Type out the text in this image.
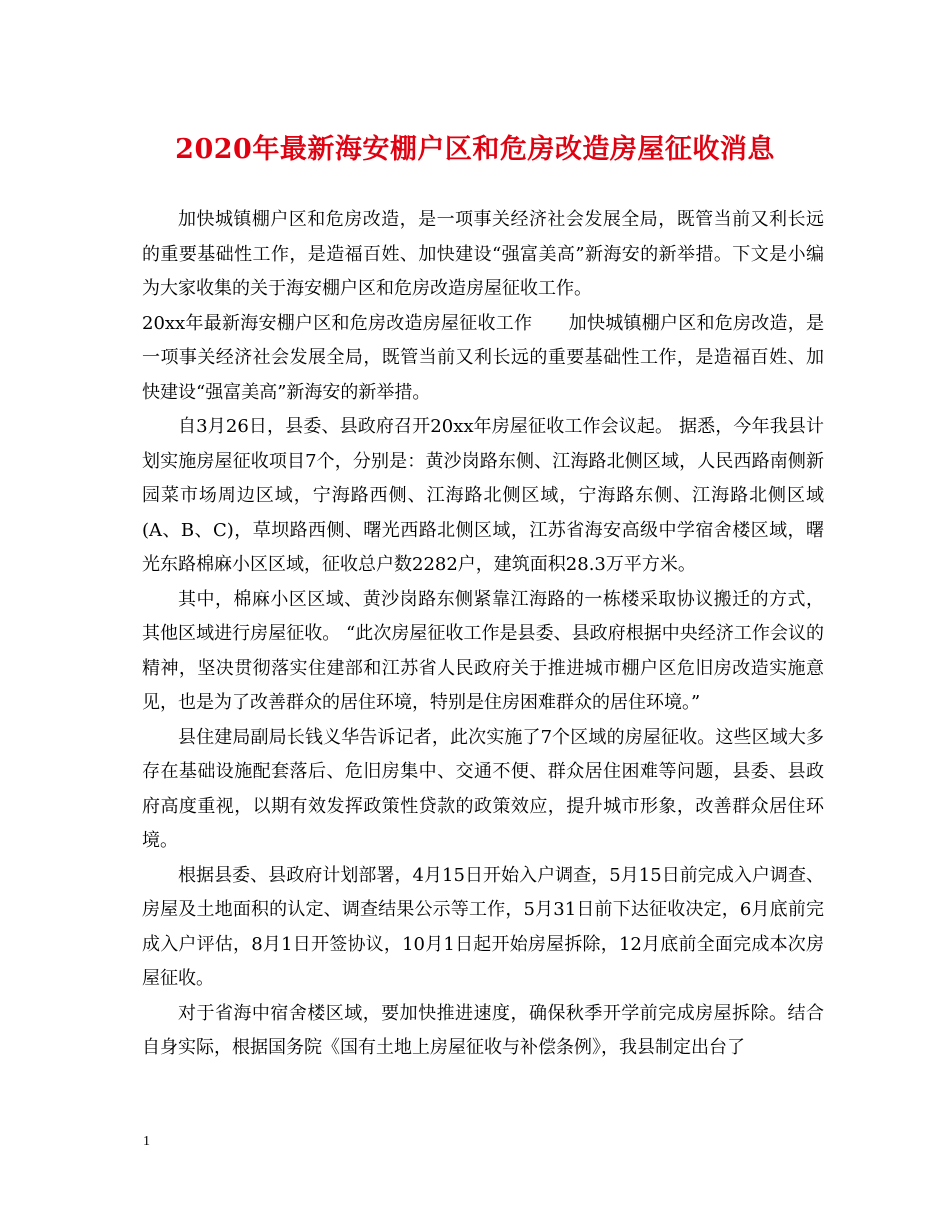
2020年最新海安棚户区和危房改造房屋征收消息

加快城镇棚户区和危房改造，是一项事关经济社会发展全局，既管当前又利长远的重要基础性工作，是造福百姓、加快建设“强富美高”新海安的新举措。下文是小编为大家收集的关于海安棚户区和危房改造房屋征收工作。

20xx年最新海安棚户区和危房改造房屋征收工作　　加快城镇棚户区和危房改造，是一项事关经济社会发展全局，既管当前又利长远的重要基础性工作，是造福百姓、加快建设“强富美高”新海安的新举措。

自3月26日，县委、县政府召开20xx年房屋征收工作会议起。 据悉，今年我县计划实施房屋征收项目7个，分别是：黄沙岗路东侧、江海路北侧区域，人民西路南侧新园菜市场周边区域，宁海路西侧、江海路北侧区域，宁海路东侧、江海路北侧区域(A、B、C)，草坝路西侧、曙光西路北侧区域，江苏省海安高级中学宿舍楼区域，曙光东路棉麻小区区域，征收总户数2282户，建筑面积28.3万平方米。

其中，棉麻小区区域、黄沙岗路东侧紧靠江海路的一栋楼采取协议搬迁的方式，其他区域进行房屋征收。 “此次房屋征收工作是县委、县政府根据中央经济工作会议的精神，坚决贯彻落实住建部和江苏省人民政府关于推进城市棚户区危旧房改造实施意见，也是为了改善群众的居住环境，特别是住房困难群众的居住环境。”

县住建局副局长钱义华告诉记者，此次实施了7个区域的房屋征收。这些区域大多存在基础设施配套落后、危旧房集中、交通不便、群众居住困难等问题，县委、县政府高度重视，以期有效发挥政策性贷款的政策效应，提升城市形象，改善群众居住环境。

根据县委、县政府计划部署，4月15日开始入户调查，5月15日前完成入户调查、房屋及土地面积的认定、调查结果公示等工作，5月31日前下达征收决定，6月底前完成入户评估，8月1日开签协议，10月1日起开始房屋拆除，12月底前全面完成本次房屋征收。

对于省海中宿舍楼区域，要加快推进速度，确保秋季开学前完成房屋拆除。结合自身实际，根据国务院《国有土地上房屋征收与补偿条例》，我县制定出台了

1
